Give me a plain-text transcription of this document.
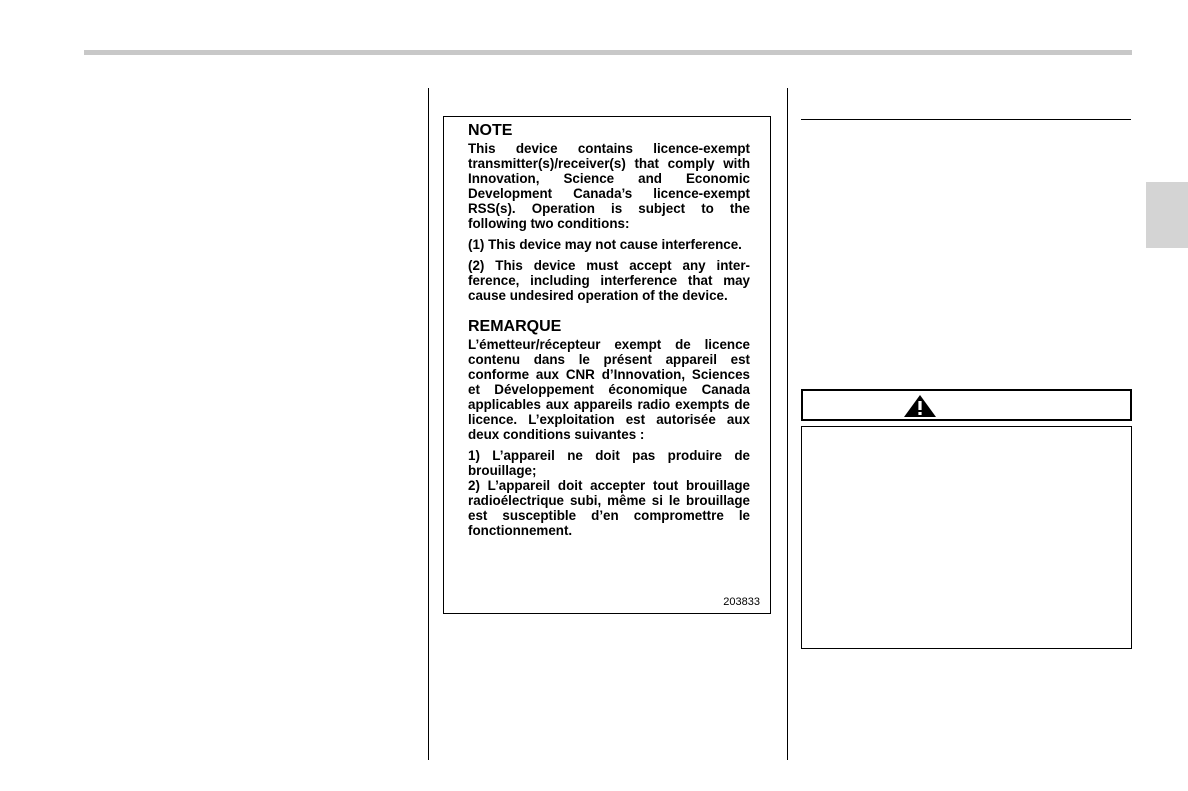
NOTE

This device contains licence-exempt transmitter(s)/receiver(s) that comply with Innovation, Science and Economic Development Canada’s licence-exempt RSS(s). Operation is subject to the following two conditions:

(1) This device may not cause interference.

(2) This device must accept any interference, including interference that may cause undesired operation of the device.

REMARQUE

L’émetteur/récepteur exempt de licence contenu dans le présent appareil est conforme aux CNR d’Innovation, Sciences et Développement économique Canada applicables aux appareils radio exempts de licence. L’exploitation est autorisée aux deux conditions suivantes :

1) L’appareil ne doit pas produire de brouillage;

2) L’appareil doit accepter tout brouillage radioélectrique subi, même si le brouillage est susceptible d’en compromettre le fonctionnement.

203833
